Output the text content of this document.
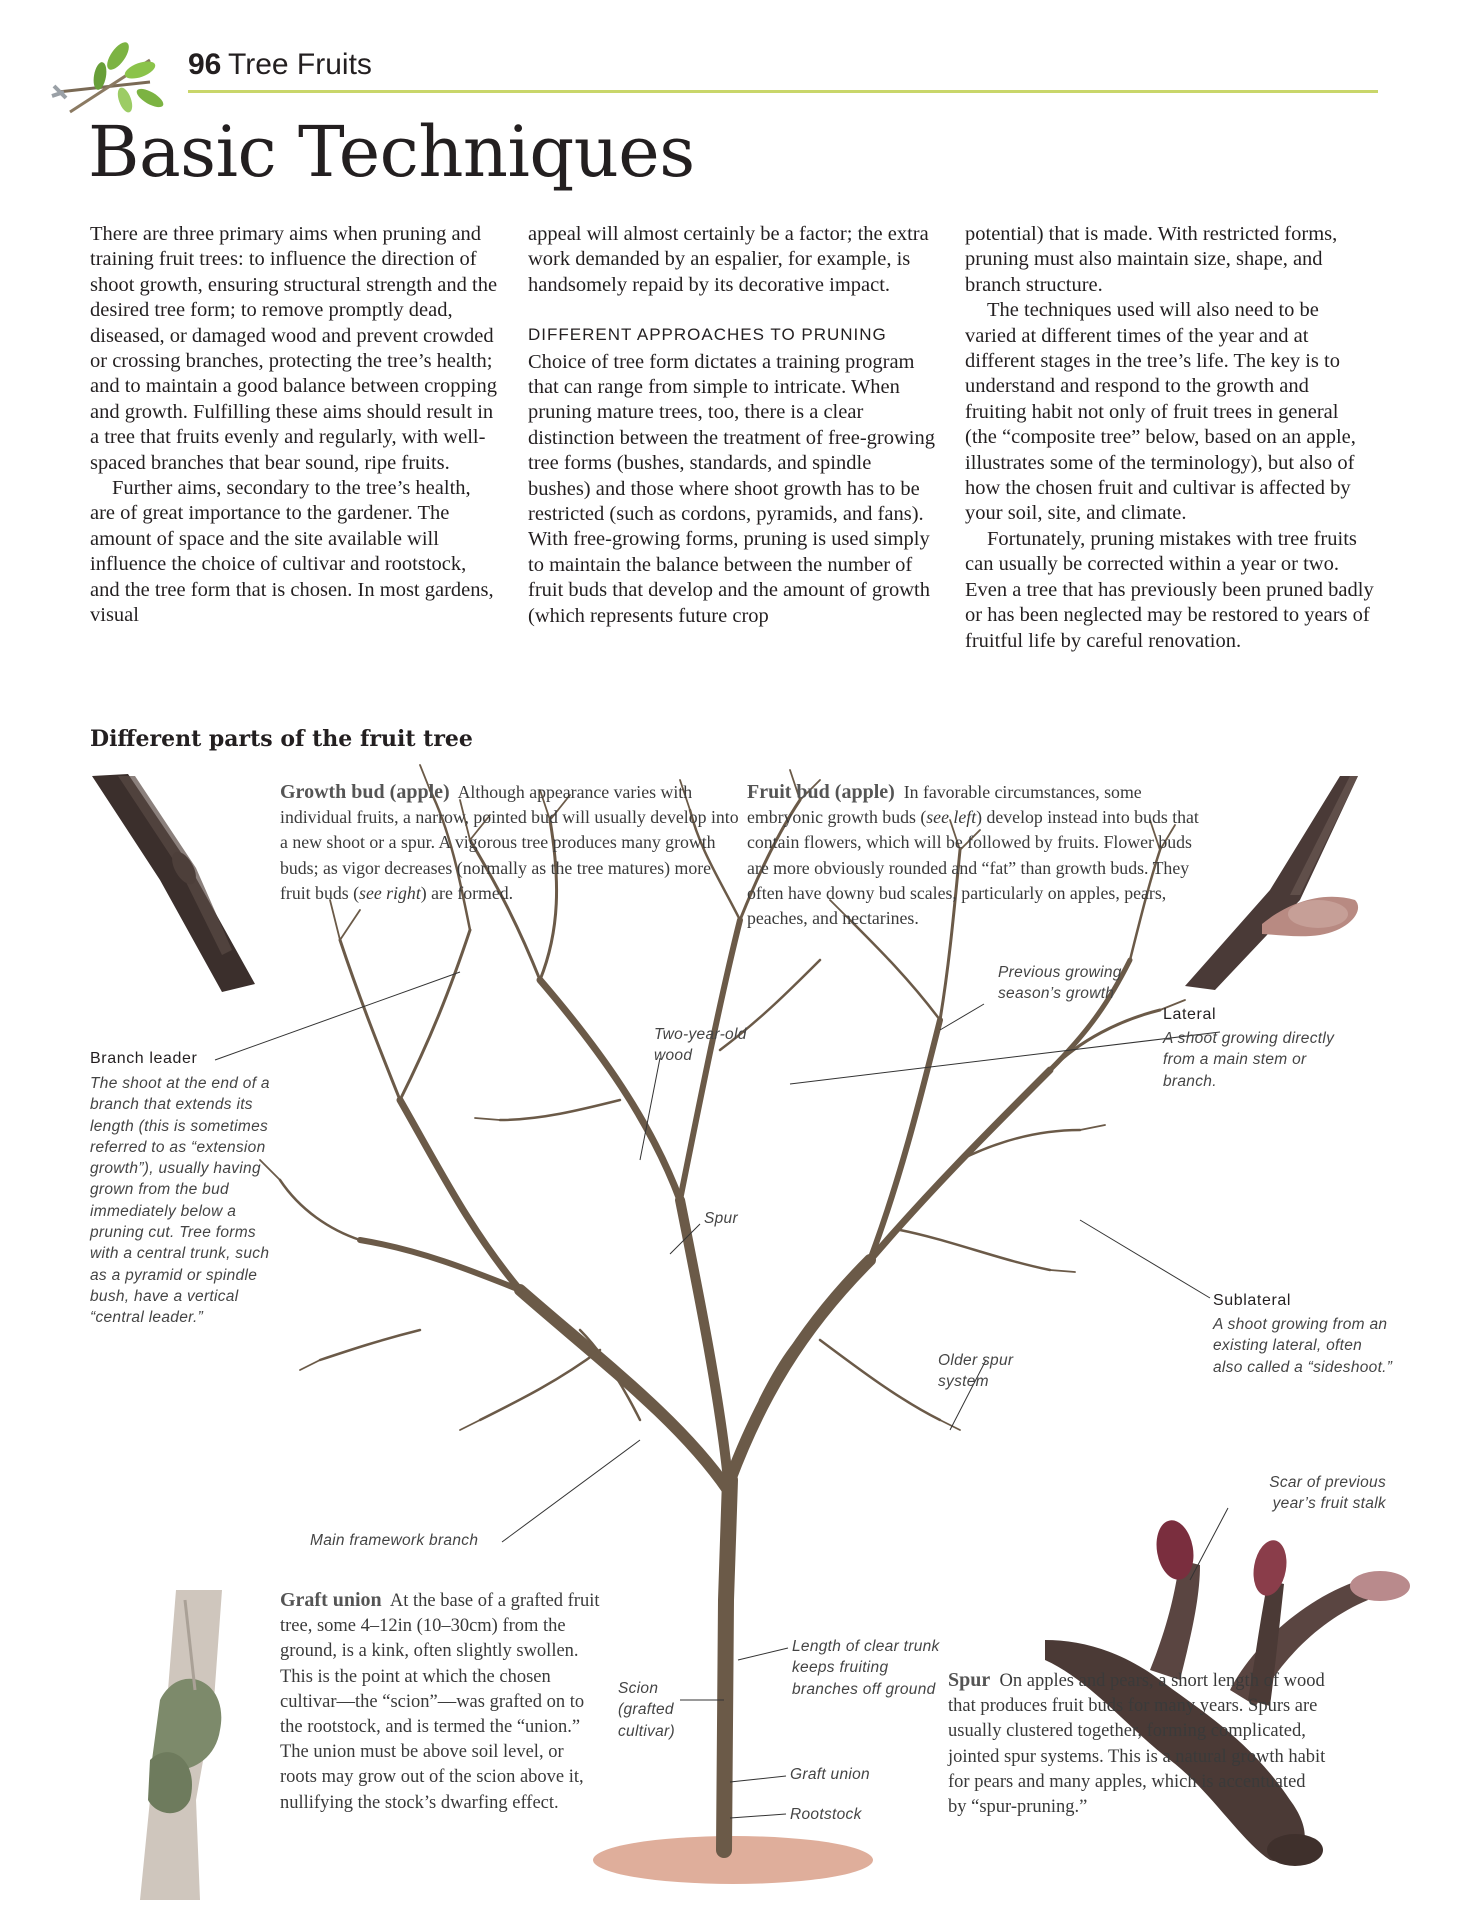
96 Tree Fruits
Basic Techniques

There are three primary aims when pruning and training fruit trees: to influence the direction of shoot growth, ensuring structural strength and the desired tree form; to remove promptly dead, diseased, or damaged wood and prevent crowded or crossing branches, protecting the tree’s health; and to maintain a good balance between cropping and growth. Fulfilling these aims should result in a tree that fruits evenly and regularly, with well-spaced branches that bear sound, ripe fruits.

Further aims, secondary to the tree’s health, are of great importance to the gardener. The amount of space and the site available will influence the choice of cultivar and rootstock, and the tree form that is chosen. In most gardens, visual

appeal will almost certainly be a factor; the extra work demanded by an espalier, for example, is handsomely repaid by its decorative impact.

DIFFERENT APPROACHES TO PRUNING

Choice of tree form dictates a training program that can range from simple to intricate. When pruning mature trees, too, there is a clear distinction between the treatment of free-growing tree forms (bushes, standards, and spindle bushes) and those where shoot growth has to be restricted (such as cordons, pyramids, and fans). With free-growing forms, pruning is used simply to maintain the balance between the number of fruit buds that develop and the amount of growth (which represents future crop

potential) that is made. With restricted forms, pruning must also maintain size, shape, and branch structure.

The techniques used will also need to be varied at different times of the year and at different stages in the tree’s life. The key is to understand and respond to the growth and fruiting habit not only of fruit trees in general (the “composite tree” below, based on an apple, illustrates some of the terminology), but also of how the chosen fruit and cultivar is affected by your soil, site, and climate.

Fortunately, pruning mistakes with tree fruits can usually be corrected within a year or two. Even a tree that has previously been pruned badly or has been neglected may be restored to years of fruitful life by careful renovation.

Different parts of the fruit tree
Growth bud (apple) Although appearance varies with individual fruits, a narrow, pointed bud will usually develop into a new shoot or a spur. A vigorous tree produces many growth buds; as vigor decreases (normally as the tree matures) more fruit buds (see right) are formed.
Fruit bud (apple) In favorable circumstances, some embryonic growth buds (see left) develop instead into buds that contain flowers, which will be followed by fruits. Flower buds are more obviously rounded and “fat” than growth buds. They often have downy bud scales, particularly on apples, pears, peaches, and nectarines.
Graft union At the base of a grafted fruit tree, some 4–12in (10–30cm) from the ground, is a kink, often slightly swollen. This is the point at which the chosen cultivar—the “scion”—was grafted on to the rootstock, and is termed the “union.” The union must be above soil level, or roots may grow out of the scion above it, nullifying the stock’s dwarfing effect.
Spur On apples and pears, a short length of wood that produces fruit buds for many years. Spurs are usually clustered together, forming complicated, jointed spur systems. This is a natural growth habit for pears and many apples, which is accentuated by “spur-pruning.”
Branch leader
The shoot at the end of a branch that extends its length (this is sometimes referred to as “extension growth”), usually having grown from the bud immediately below a pruning cut. Tree forms with a central trunk, such as a pyramid or spindle bush, have a vertical “central leader.”
Lateral
A shoot growing directly from a main stem or branch.
Sublateral
A shoot growing from an existing lateral, often also called a “sideshoot.”
Previous growing season’s growth
Two-year-old wood
Spur
Older spur system
Scar of previous year’s fruit stalk
Main framework branch
Length of clear trunk keeps fruiting branches off ground
Scion (grafted cultivar)
Graft union
Rootstock
